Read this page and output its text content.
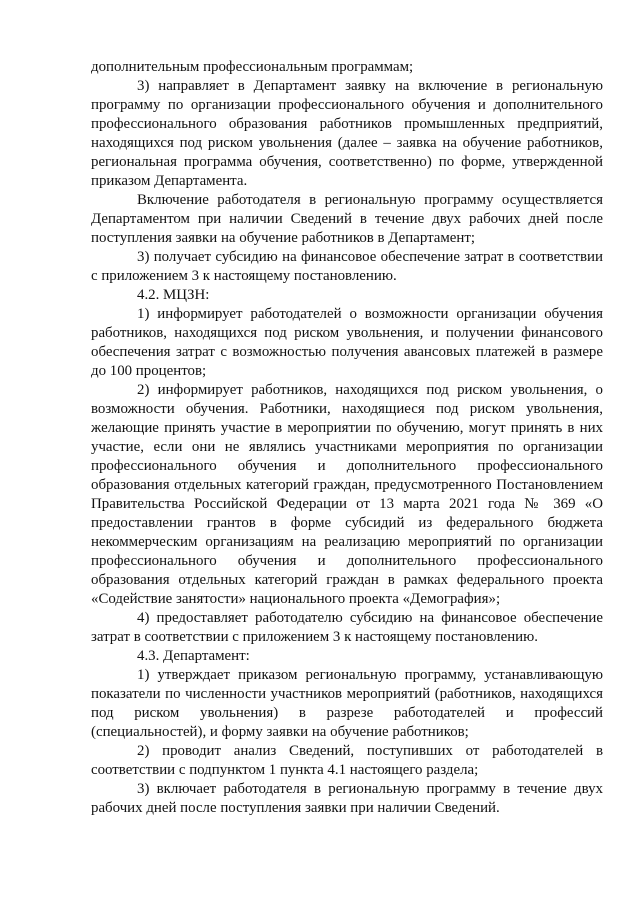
дополнительным профессиональным программам;

3) направляет в Департамент заявку на включение в региональную программу по организации профессионального обучения и дополнительного профессионального образования работников промышленных предприятий, находящихся под риском увольнения (далее – заявка на обучение работников, региональная программа обучения, соответственно) по форме, утвержденной приказом Департамента.

Включение работодателя в региональную программу осуществляется Департаментом при наличии Сведений в течение двух рабочих дней после поступления заявки на обучение работников в Департамент;

3) получает субсидию на финансовое обеспечение затрат в соответствии с приложением 3 к настоящему постановлению.

4.2. МЦЗН:

1) информирует работодателей о возможности организации обучения работников, находящихся под риском увольнения, и получении финансового обеспечения затрат с возможностью получения авансовых платежей в размере до 100 процентов;

2) информирует работников, находящихся под риском увольнения, о возможности обучения. Работники, находящиеся под риском увольнения, желающие принять участие в мероприятии по обучению, могут принять в них участие, если они не являлись участниками мероприятия по организации профессионального обучения и дополнительного профессионального образования отдельных категорий граждан, предусмотренного Постановлением Правительства Российской Федерации от 13 марта 2021 года № 369 «О предоставлении грантов в форме субсидий из федерального бюджета некоммерческим организациям на реализацию мероприятий по организации профессионального обучения и дополнительного профессионального образования отдельных категорий граждан в рамках федерального проекта «Содействие занятости» национального проекта «Демография»;

4) предоставляет работодателю субсидию на финансовое обеспечение затрат в соответствии с приложением 3 к настоящему постановлению.

4.3. Департамент:

1) утверждает приказом региональную программу, устанавливающую показатели по численности участников мероприятий (работников, находящихся под риском увольнения) в разрезе работодателей и профессий (специальностей), и форму заявки на обучение работников;

2) проводит анализ Сведений, поступивших от работодателей в соответствии с подпунктом 1 пункта 4.1 настоящего раздела;

3) включает работодателя в региональную программу в течение двух рабочих дней после поступления заявки при наличии Сведений.
